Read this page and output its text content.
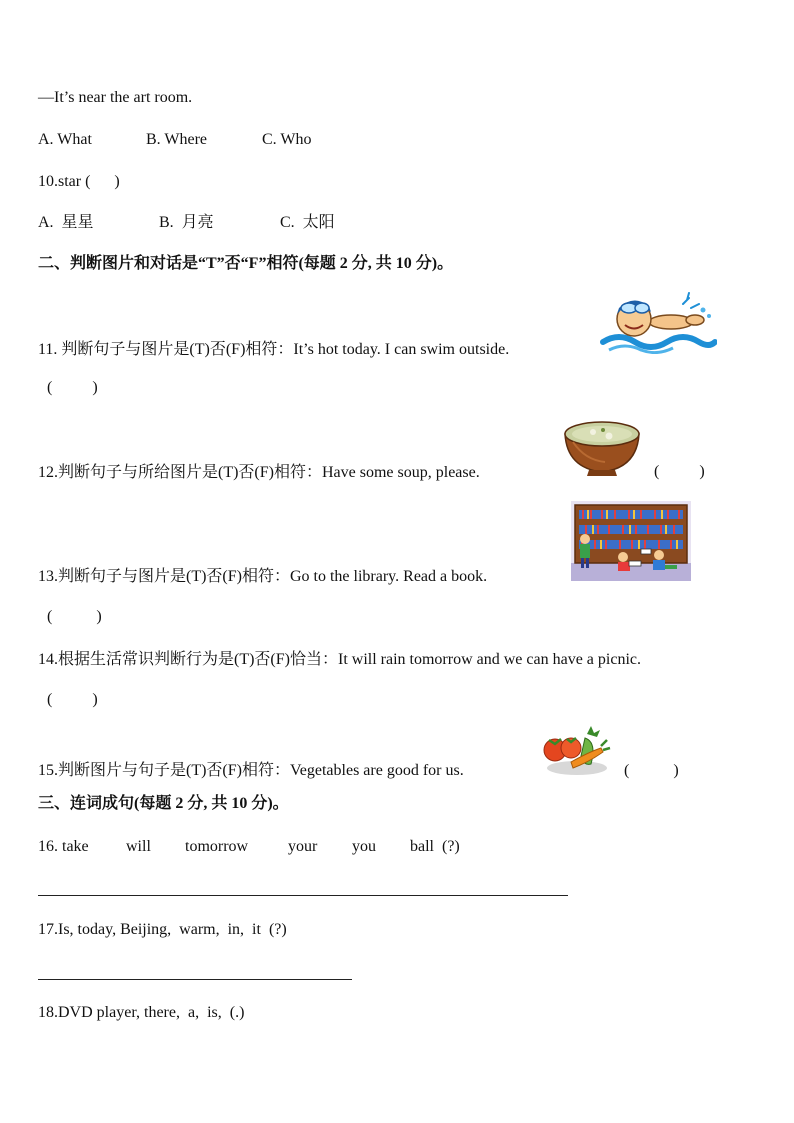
—It’s near the art room.
A. What	B. Where	C. Who
10.star (      )
A.  星星	B.  月亮	C.  太阳
二、判断图片和对话是“T”否“F”相符(每题 2 分, 共 10 分)。
11. 判断句子与图片是(T)否(F)相符：It’s hot today. I can swim outside.
(          )
12.判断句子与所给图片是(T)否(F)相符：Have some soup, please.	(          )
13.判断句子与图片是(T)否(F)相符：Go to the library. Read a book.
(           )
14.根据生活常识判断行为是(T)否(F)恰当：It will rain tomorrow and we can have a picnic.
(          )
15.判断图片与句子是(T)否(F)相符：Vegetables are good for us.	(           )
三、连词成句(每题 2 分, 共 10 分)。
16. take will tomorrow your you ball  (?)
17.Is, today, Beijing,  warm,  in,  it  (?)
18.DVD player, there,  a,  is,  (.)
